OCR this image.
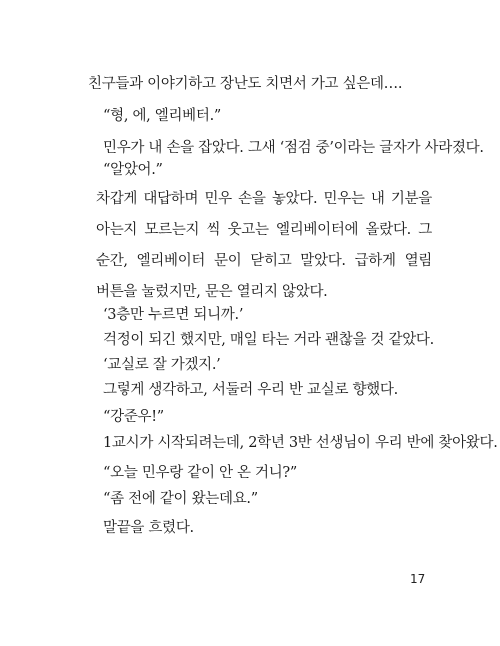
친구들과 이야기하고 장난도 치면서 가고 싶은데….
“형, 에, 엘리베터.”
민우가 내 손을 잡았다. 그새 ‘점검 중’이라는 글자가 사라졌다.
“알았어.”
차갑게 대답하며 민우 손을 놓았다. 민우는 내 기분을 아는지 모르는지 씩 웃고는 엘리베이터에 올랐다. 그 순간, 엘리베이터 문이 닫히고 말았다. 급하게 열림 버튼을 눌렀지만, 문은 열리지 않았다.
‘3층만 누르면 되니까.’
걱정이 되긴 했지만, 매일 타는 거라 괜찮을 것 같았다.
‘교실로 잘 가겠지.’
그렇게 생각하고, 서둘러 우리 반 교실로 향했다.
“강준우!”
1교시가 시작되려는데, 2학년 3반 선생님이 우리 반에 찾아왔다.
“오늘 민우랑 같이 안 온 거니?”
“좀 전에 같이 왔는데요.”
말끝을 흐렸다.
17
